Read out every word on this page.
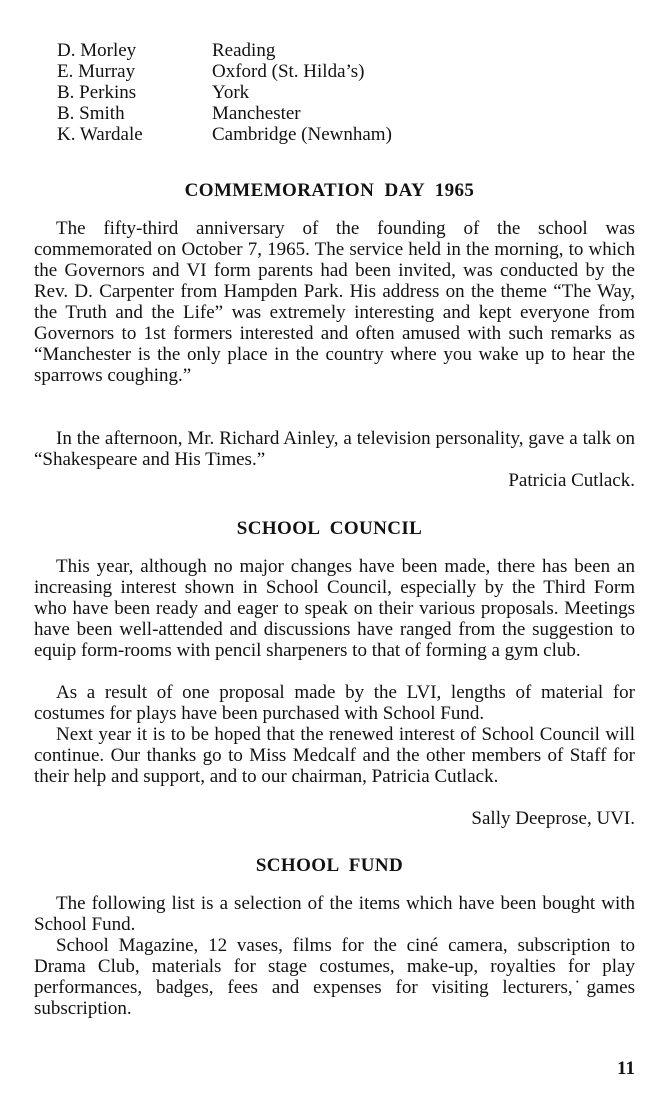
D. Morley	Reading
E. Murray	Oxford (St. Hilda’s)
B. Perkins	York
B. Smith	Manchester
K. Wardale	Cambridge (Newnham)
COMMEMORATION  DAY  1965
The fifty-third anniversary of the founding of the school was commemorated on October 7, 1965. The service held in the morning, to which the Governors and VI form parents had been invited, was conducted by the Rev. D. Carpenter from Hampden Park. His address on the theme “The Way, the Truth and the Life” was extremely interesting and kept everyone from Governors to 1st formers interested and often amused with such remarks as “Manchester is the only place in the country where you wake up to hear the sparrows coughing.”
In the afternoon, Mr. Richard Ainley, a television personality, gave a talk on “Shakespeare and His Times.”
Patricia Cutlack.
SCHOOL  COUNCIL
This year, although no major changes have been made, there has been an increasing interest shown in School Council, especially by the Third Form who have been ready and eager to speak on their various proposals. Meetings have been well-attended and discussions have ranged from the suggestion to equip form-rooms with pencil sharpeners to that of forming a gym club.
As a result of one proposal made by the LVI, lengths of material for costumes for plays have been purchased with School Fund.
Next year it is to be hoped that the renewed interest of School Council will continue. Our thanks go to Miss Medcalf and the other members of Staff for their help and support, and to our chairman, Patricia Cutlack.
Sally Deeprose, UVI.
SCHOOL  FUND
The following list is a selection of the items which have been bought with School Fund.
School Magazine, 12 vases, films for the ciné camera, subscription to Drama Club, materials for stage costumes, make-up, royalties for play performances, badges, fees and expenses for visiting lecturers, ̇games subscription.
11
